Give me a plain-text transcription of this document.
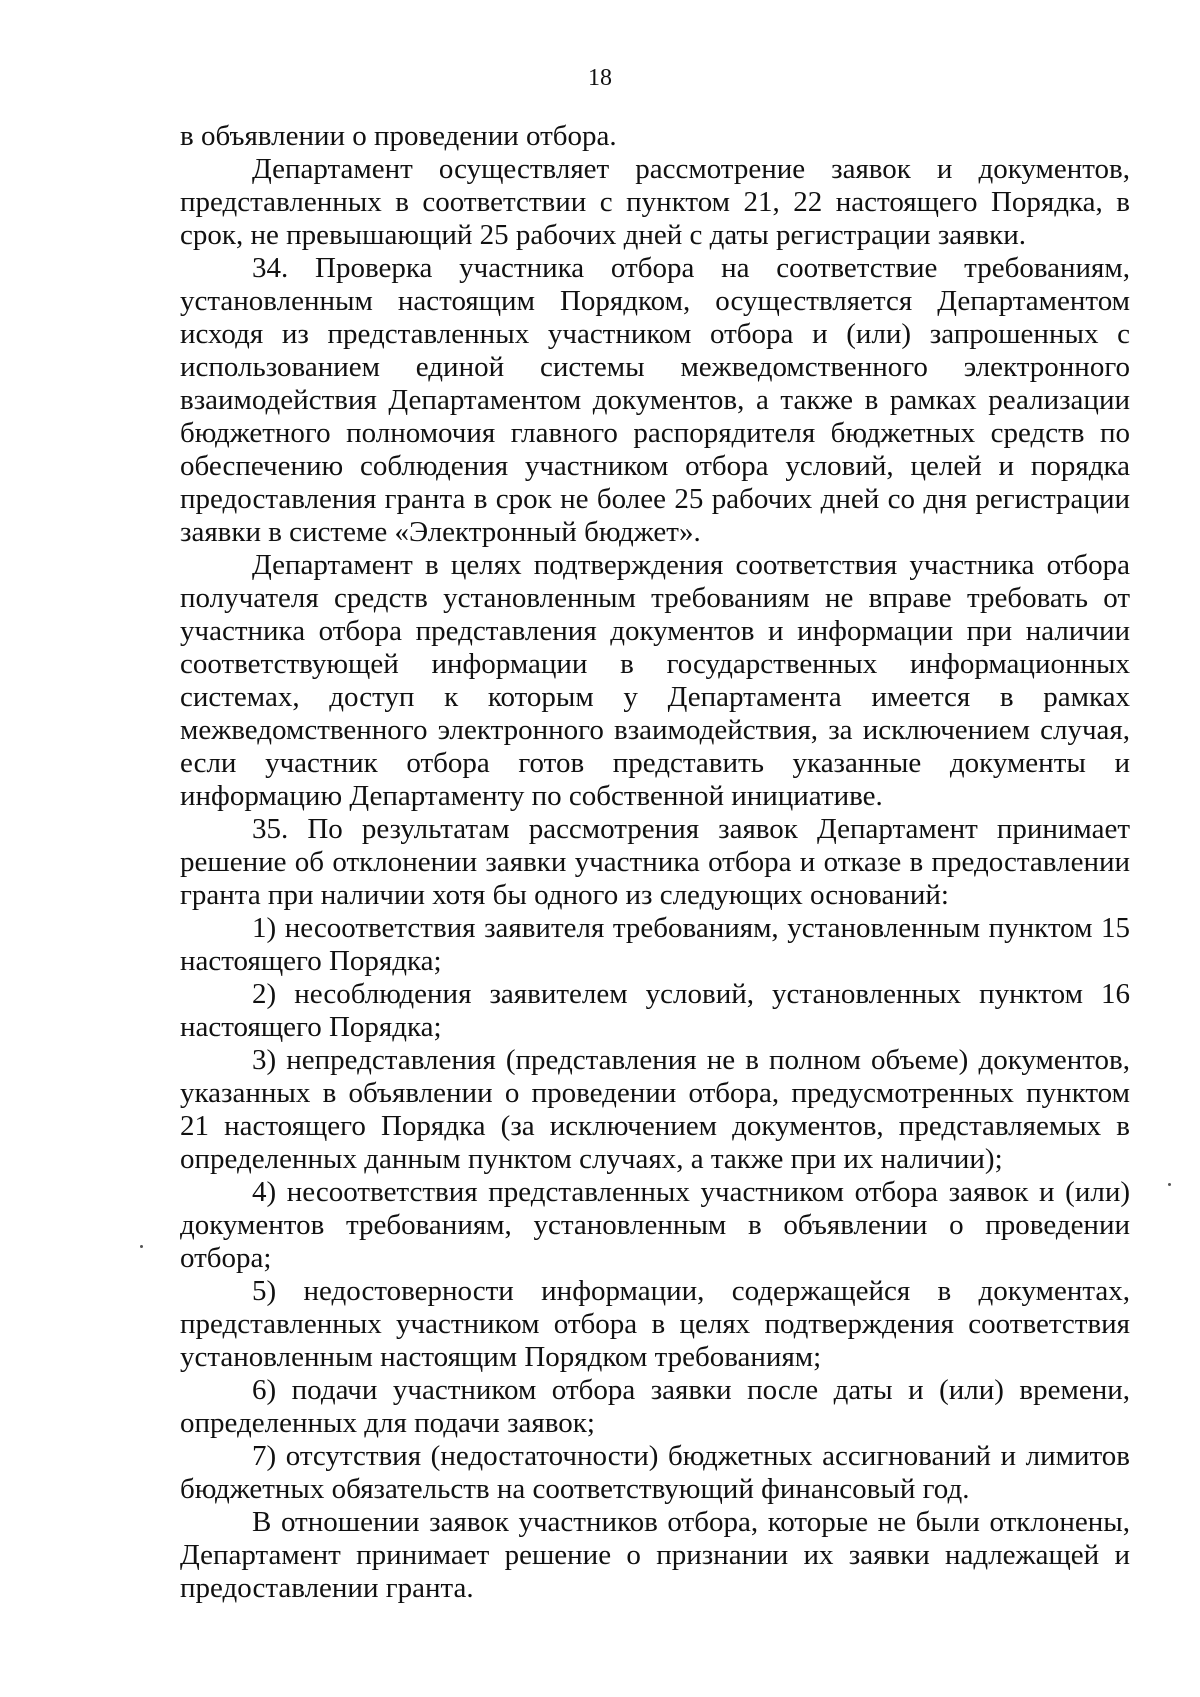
18

в объявлении о проведении отбора.

Департамент осуществляет рассмотрение заявок и документов, представленных в соответствии с пунктом 21, 22 настоящего Порядка, в срок, не превышающий 25 рабочих дней с даты регистрации заявки.

34. Проверка участника отбора на соответствие требованиям, установленным настоящим Порядком, осуществляется Департаментом исходя из представленных участником отбора и (или) запрошенных с использованием единой системы межведомственного электронного взаимодействия Департаментом документов, а также в рамках реализации бюджетного полномочия главного распорядителя бюджетных средств по обеспечению соблюдения участником отбора условий, целей и порядка предоставления гранта в срок не более 25 рабочих дней со дня регистрации заявки в системе «Электронный бюджет».

Департамент в целях подтверждения соответствия участника отбора получателя средств установленным требованиям не вправе требовать от участника отбора представления документов и информации при наличии соответствующей информации в государственных информационных системах, доступ к которым у Департамента имеется в рамках межведомственного электронного взаимодействия, за исключением случая, если участник отбора готов представить указанные документы и информацию Департаменту по собственной инициативе.

35. По результатам рассмотрения заявок Департамент принимает решение об отклонении заявки участника отбора и отказе в предоставлении гранта при наличии хотя бы одного из следующих оснований:

1) несоответствия заявителя требованиям, установленным пунктом 15 настоящего Порядка;

2) несоблюдения заявителем условий, установленных пунктом 16 настоящего Порядка;

3) непредставления (представления не в полном объеме) документов, указанных в объявлении о проведении отбора, предусмотренных пунктом 21 настоящего Порядка (за исключением документов, представляемых в определенных данным пунктом случаях, а также при их наличии);

4) несоответствия представленных участником отбора заявок и (или) документов требованиям, установленным в объявлении о проведении отбора;

5) недостоверности информации, содержащейся в документах, представленных участником отбора в целях подтверждения соответствия установленным настоящим Порядком требованиям;

6) подачи участником отбора заявки после даты и (или) времени, определенных для подачи заявок;

7) отсутствия (недостаточности) бюджетных ассигнований и лимитов бюджетных обязательств на соответствующий финансовый год.

В отношении заявок участников отбора, которые не были отклонены, Департамент принимает решение о признании их заявки надлежащей и предоставлении гранта.
